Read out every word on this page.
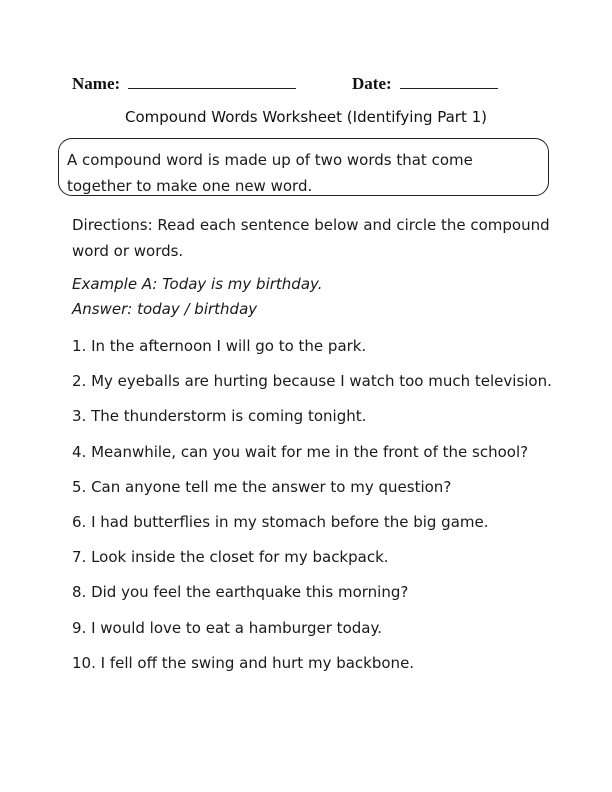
Name:	Date:
Compound Words Worksheet (Identifying Part 1)
A compound word is made up of two words that come together to make one new word.
Directions: Read each sentence below and circle the compound word or words.
Example A: Today is my birthday.
Answer: today / birthday
1. In the afternoon I will go to the park.
2. My eyeballs are hurting because I watch too much television.
3. The thunderstorm is coming tonight.
4. Meanwhile, can you wait for me in the front of the school?
5. Can anyone tell me the answer to my question?
6. I had butterflies in my stomach before the big game.
7. Look inside the closet for my backpack.
8. Did you feel the earthquake this morning?
9. I would love to eat a hamburger today.
10. I fell off the swing and hurt my backbone.
